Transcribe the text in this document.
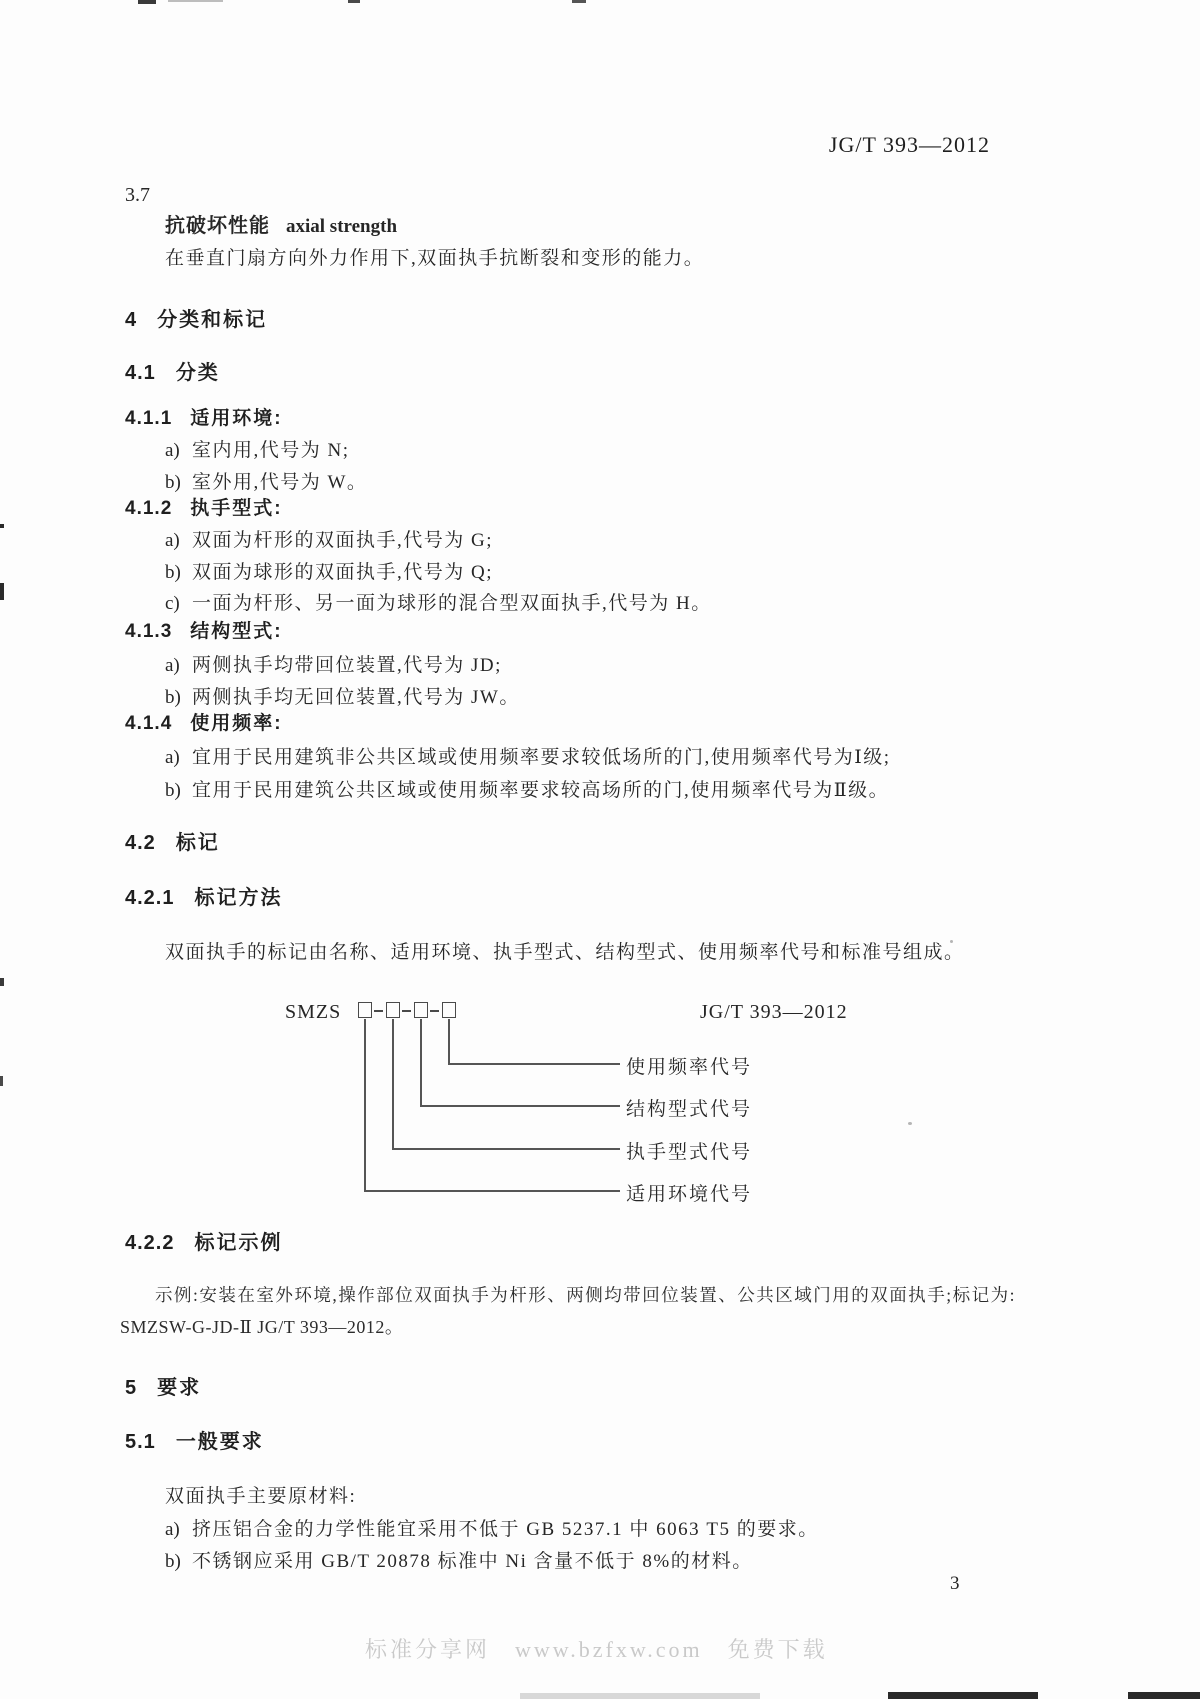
JG/T 393—2012
3.7
抗破坏性能 axial strength
在垂直门扇方向外力作用下,双面执手抗断裂和变形的能力。
4 分类和标记
4.1 分类
4.1.1 适用环境:
a) 室内用,代号为 N;
b) 室外用,代号为 W。
4.1.2 执手型式:
a) 双面为杆形的双面执手,代号为 G;
b) 双面为球形的双面执手,代号为 Q;
c) 一面为杆形、另一面为球形的混合型双面执手,代号为 H。
4.1.3 结构型式:
a) 两侧执手均带回位装置,代号为 JD;
b) 两侧执手均无回位装置,代号为 JW。
4.1.4 使用频率:
a) 宜用于民用建筑非公共区域或使用频率要求较低场所的门,使用频率代号为Ⅰ级;
b) 宜用于民用建筑公共区域或使用频率要求较高场所的门,使用频率代号为Ⅱ级。
4.2 标记
4.2.1 标记方法
双面执手的标记由名称、适用环境、执手型式、结构型式、使用频率代号和标准号组成。
SMZS	JG/T 393—2012
使用频率代号
结构型式代号
执手型式代号
适用环境代号
4.2.2 标记示例
示例:安装在室外环境,操作部位双面执手为杆形、两侧均带回位装置、公共区域门用的双面执手;标记为:
SMZSW-G-JD-Ⅱ JG/T 393—2012。
5 要求
5.1 一般要求
双面执手主要原材料:
a) 挤压铝合金的力学性能宜采用不低于 GB 5237.1 中 6063 T5 的要求。
b) 不锈钢应采用 GB/T 20878 标准中 Ni 含量不低于 8%的材料。
3
标准分享网　www.bzfxw.com　免费下载
